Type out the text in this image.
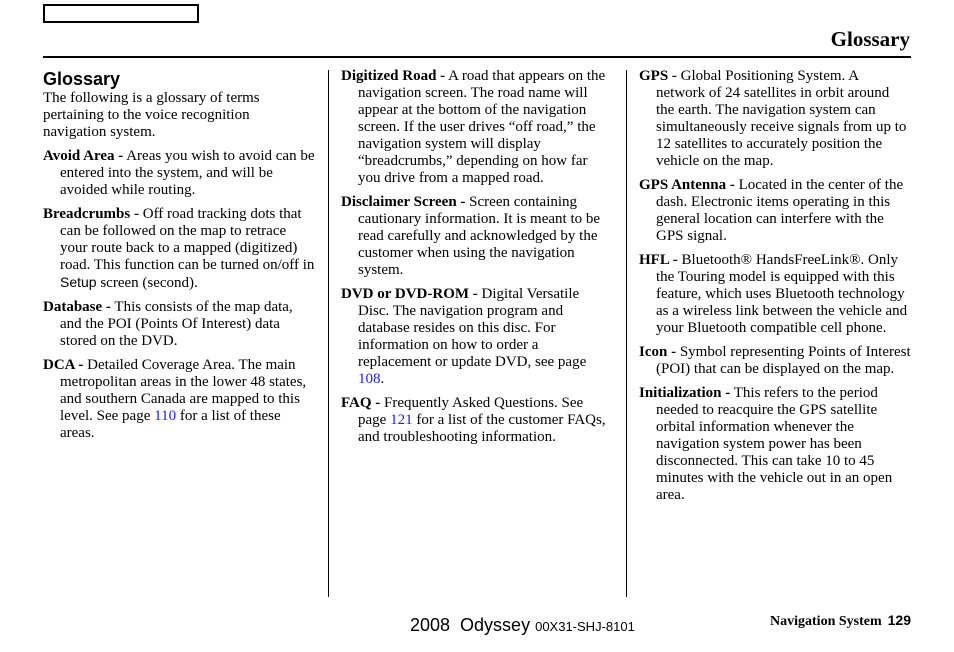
Glossary
Glossary

The following is a glossary of terms pertaining to the voice recognition navigation system.

Avoid Area - Areas you wish to avoid can be entered into the system, and will be avoided while routing.

Breadcrumbs - Off road tracking dots that can be followed on the map to retrace your route back to a mapped (digitized) road. This function can be turned on/off in Setup screen (second).

Database - This consists of the map data, and the POI (Points Of Interest) data stored on the DVD.

DCA - Detailed Coverage Area. The main metropolitan areas in the lower 48 states, and southern Canada are mapped to this level. See page 110 for a list of these areas.

Digitized Road - A road that appears on the navigation screen. The road name will appear at the bottom of the navigation screen. If the user drives “off road,” the navigation system will display “breadcrumbs,” depending on how far you drive from a mapped road.

Disclaimer Screen - Screen containing cautionary information. It is meant to be read carefully and acknowledged by the customer when using the navigation system.

DVD or DVD-ROM - Digital Versatile Disc. The navigation program and database resides on this disc. For information on how to order a replacement or update DVD, see page 108.

FAQ - Frequently Asked Questions. See page 121 for a list of the customer FAQs, and troubleshooting information.

GPS - Global Positioning System. A network of 24 satellites in orbit around the earth. The navigation system can simultaneously receive signals from up to 12 satellites to accurately position the vehicle on the map.

GPS Antenna - Located in the center of the dash. Electronic items operating in this general location can interfere with the GPS signal.

HFL - Bluetooth® HandsFreeLink®. Only the Touring model is equipped with this feature, which uses Bluetooth technology as a wireless link between the vehicle and your Bluetooth compatible cell phone.

Icon - Symbol representing Points of Interest (POI) that can be displayed on the map.

Initialization - This refers to the period needed to reacquire the GPS satellite orbital information whenever the navigation system power has been disconnected. This can take 10 to 45 minutes with the vehicle out in an open area.

2008  Odyssey 00X31-SHJ-8101	Navigation System 129
